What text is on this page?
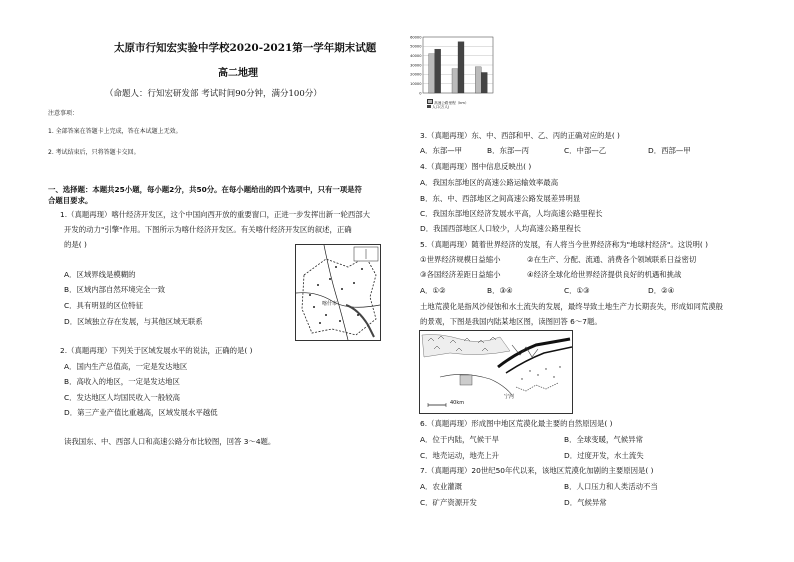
太原市行知宏实验中学校2020-2021第一学年期末试题
高二地理
（命题人：行知宏研发部 考试时间90分钟，满分100分）
注意事项：
1. 全部答案在答题卡上完成，答在本试题上无效。
2. 考试结束后，只将答题卡交回。
一、选择题：本题共25小题，每小题2分，共50分。在每小题给出的四个选项中，只有一项是符
合题目要求。
1.（真题再现）喀什经济开发区，这个中国向西开放的重要窗口，正进一步发挥出新一轮西部大
开发的动力"引擎"作用。下图所示为喀什经济开发区。有关喀什经济开发区的叙述，正确
的是( )
A．区域界线是模糊的
B．区域内部自然环境完全一致
C．具有明显的区位特征
D．区域独立存在发展，与其他区域无联系
喀什市
2.（真题再现）下列关于区域发展水平的说法，正确的是( )
A．国内生产总值高，一定是发达地区
B．高收入的地区，一定是发达地区
C．发达地区人均国民收入一般较高
D．第三产业产值比重越高，区域发展水平越低
读我国东、中、西部人口和高速公路分布比较图，回答 3～4题。
60000
50000
40000
30000
20000
10000
0
高速公路里程（km）
人口(万人)
3.（真题再现）东、中、西部和甲、乙、丙的正确对应的是( )
A．东部—甲	B．东部—丙	C．中部—乙	D．西部—甲
4.（真题再现）图中信息反映出( )
A．我国东部地区的高速公路运输效率最高
B．东、中、西部地区之间高速公路发展差异明显
C．我国东部地区经济发展水平高，人均高速公路里程长
D．我国西部地区人口较少，人均高速公路里程长
5.（真题再现）随着世界经济的发展，有人将当今世界经济称为"地球村经济"。这说明( )
①世界经济规模日益缩小	②在生产、分配、流通、消费各个领域联系日益密切
③各国经济差距日益缩小	④经济全球化给世界经济提供良好的机遇和挑战
A．①②	B．③④	C．①③	D．②④
土地荒漠化是指风沙侵蚀和水土流失的发展，最终导致土地生产力长期丧失，形成如同荒漠般
的景观，下图是我国内陆某地区图，读图回答 6～7题。
40km
宁河
6.（真题再现）形成图中地区荒漠化最主要的自然原因是( )
A．位于内陆，气候干旱	B．全球变暖，气候异常
C．地壳运动，地壳上升	D．过度开发，水土流失
7.（真题再现）20世纪50年代以来，该地区荒漠化加剧的主要原因是( )
A．农业灌溉	B．人口压力和人类活动不当
C．矿产资源开发	D．气候异常
